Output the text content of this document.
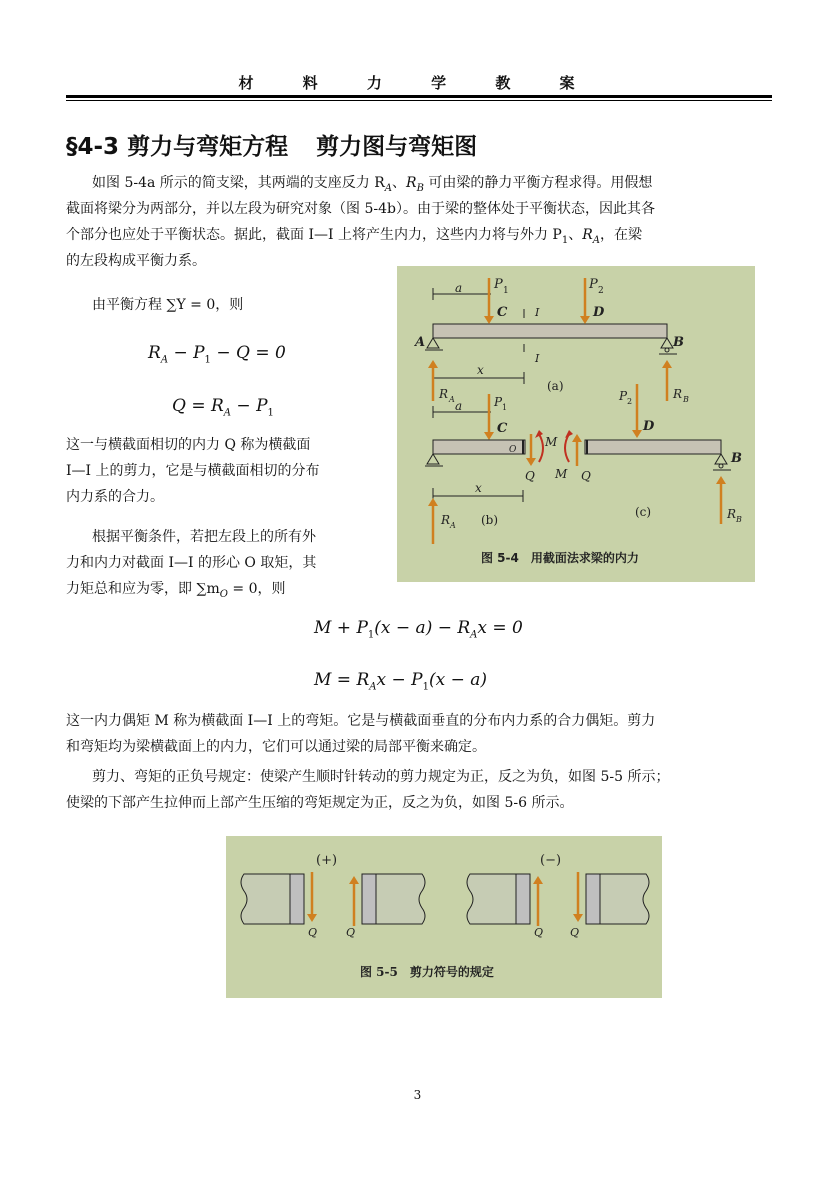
材 料 力 学 教 案
§4-3 剪力与弯矩方程 剪力图与弯矩图
如图 5-4a 所示的简支梁，其两端的支座反力 $R_A$、$R_B$ 可由梁的静力平衡方程求得。用假想
截面将梁分为两部分，并以左段为研究对象（图 5-4b）。由于梁的整体处于平衡状态，因此其各
个部分也应处于平衡状态。据此，截面 I—I 上将产生内力，这些内力将与外力 $P_1$、$R_A$，在梁
的左段构成平衡力系。
由平衡方程 ∑Y = 0，则
$R_A - P_1 - Q = 0$
$Q = R_A - P_1$
这一与横截面相切的内力 Q 称为横截面
I—I 上的剪力，它是与横截面相切的分布
内力系的合力。
根据平衡条件，若把左段上的所有外
力和内力对截面 I—I 的形心 O 取矩，其
力矩总和应为零，即 $\sum m_O = 0$，则
a P 1
C	I
I
P 2
D
A	B
x
R A
(a)
P 2
R B
a	P 1
C
O
Q
M
x
R A (b)
Q
M
D
B
R B
(c)
图 5-4　用截面法求梁的内力
$M + P_1(x - a) - R_Ax = 0$
$M = R_Ax - P_1(x - a)$
这一内力偶矩 M 称为横截面 I—I 上的弯矩。它是与横截面垂直的分布内力系的合力偶矩。剪力
和弯矩均为梁横截面上的内力，它们可以通过梁的局部平衡来确定。
剪力、弯矩的正负号规定：使梁产生顺时针转动的剪力规定为正，反之为负，如图 5-5 所示；
使梁的下部产生拉伸而上部产生压缩的弯矩规定为正，反之为负，如图 5-6 所示。
(+)	(−)
Q	Q	Q Q
图 5-5　剪力符号的规定
3
